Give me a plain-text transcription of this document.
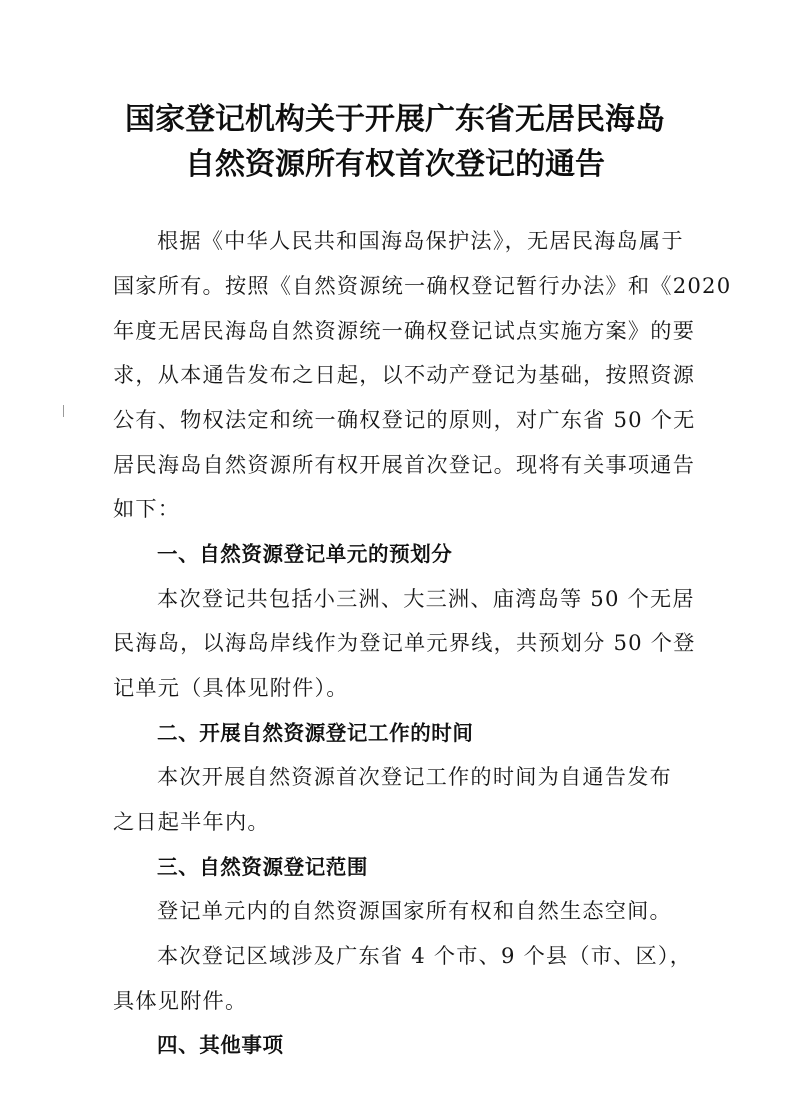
国家登记机构关于开展广东省无居民海岛
自然资源所有权首次登记的通告
根据《中华人民共和国海岛保护法》，无居民海岛属于
国家所有。按照《自然资源统一确权登记暂行办法》和《2020
年度无居民海岛自然资源统一确权登记试点实施方案》的要
求，从本通告发布之日起，以不动产登记为基础，按照资源
公有、物权法定和统一确权登记的原则，对广东省 50 个无
居民海岛自然资源所有权开展首次登记。现将有关事项通告
如下：
一、自然资源登记单元的预划分
本次登记共包括小三洲、大三洲、庙湾岛等 50 个无居
民海岛，以海岛岸线作为登记单元界线，共预划分 50 个登
记单元（具体见附件）。
二、开展自然资源登记工作的时间
本次开展自然资源首次登记工作的时间为自通告发布
之日起半年内。
三、自然资源登记范围
登记单元内的自然资源国家所有权和自然生态空间。
本次登记区域涉及广东省 4 个市、9 个县（市、区），
具体见附件。
四、其他事项
